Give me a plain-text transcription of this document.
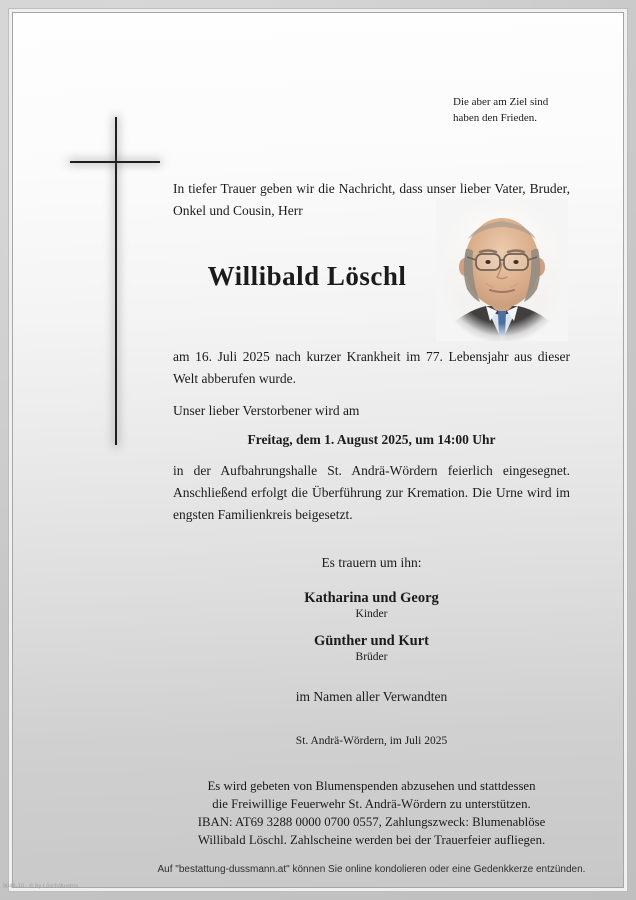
Die aber am Ziel sind
haben den Frieden.
In tiefer Trauer geben wir die Nachricht, dass unser lieber Vater, Bruder, Onkel und Cousin, Herr
Willibald Löschl
am 16. Juli 2025 nach kurzer Krankheit im 77. Lebensjahr aus dieser Welt abberufen wurde.
Unser lieber Verstorbener wird am
Freitag, dem 1. August 2025, um 14:00 Uhr
in der Aufbahrungshalle St. Andrä-Wördern feierlich eingesegnet. Anschließend erfolgt die Überführung zur Kremation. Die Urne wird im engsten Familienkreis beigesetzt.
Es trauern um ihn:
Katharina und Georg
Kinder
Günther und Kurt
Brüder
im Namen aller Verwandten
St. Andrä-Wördern, im Juli 2025
Es wird gebeten von Blumenspenden abzusehen und stattdessen
die Freiwillige Feuerwehr St. Andrä-Wördern zu unterstützen.
IBAN: AT69 3288 0000 0700 0557, Zahlungszweck: Blumenablöse
Willibald Löschl. Zahlscheine werden bei der Trauerfeier aufliegen.
Auf "bestattung-dussmann.at" können Sie online kondolieren oder eine Gedenkkerze entzünden.
8049-10 · © by Lösch/Austria
